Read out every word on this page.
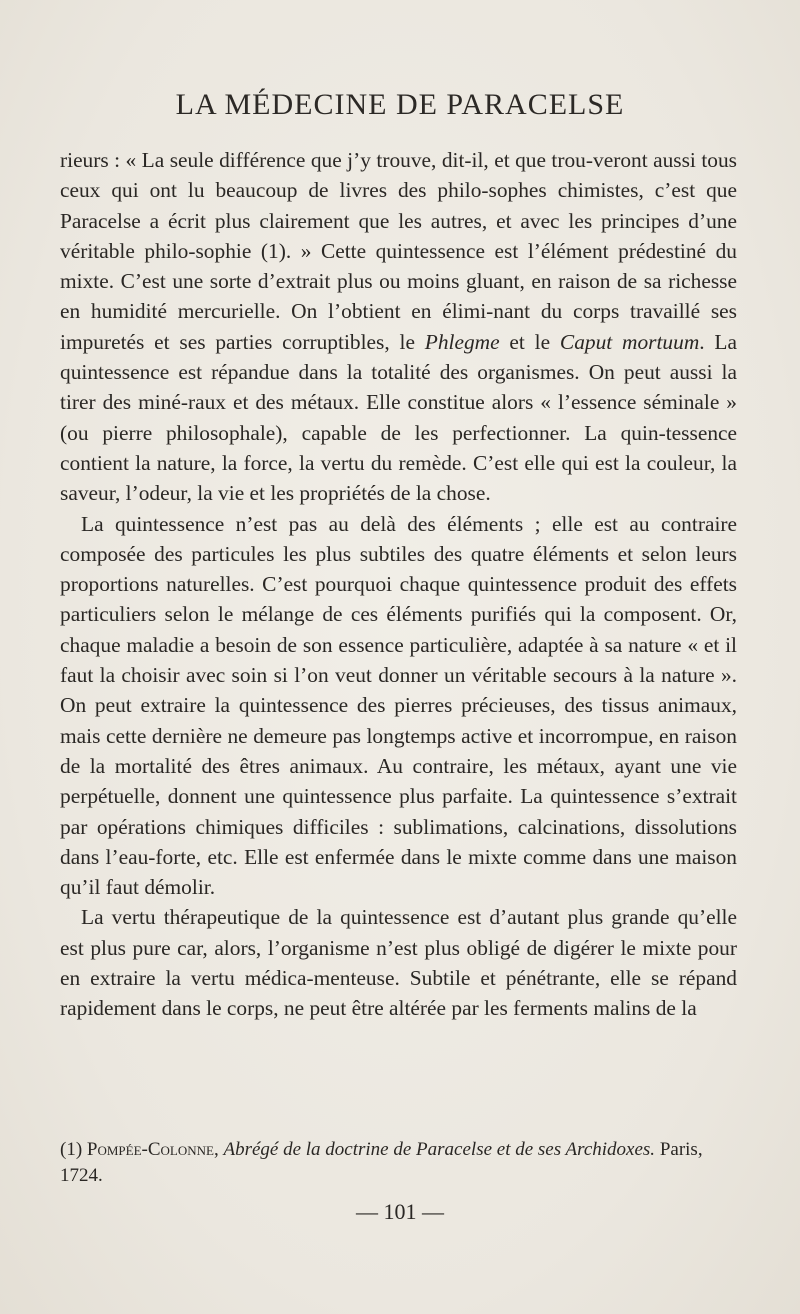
LA MÉDECINE DE PARACELSE

rieurs : « La seule différence que j’y trouve, dit-il, et que trou-veront aussi tous ceux qui ont lu beaucoup de livres des philo-sophes chimistes, c’est que Paracelse a écrit plus clairement que les autres, et avec les principes d’une véritable philo-sophie (1). » Cette quintessence est l’élément prédestiné du mixte. C’est une sorte d’extrait plus ou moins gluant, en raison de sa richesse en humidité mercurielle. On l’obtient en élimi-nant du corps travaillé ses impuretés et ses parties corruptibles, le Phlegme et le Caput mortuum. La quintessence est répandue dans la totalité des organismes. On peut aussi la tirer des miné-raux et des métaux. Elle constitue alors « l’essence séminale » (ou pierre philosophale), capable de les perfectionner. La quin-tessence contient la nature, la force, la vertu du remède. C’est elle qui est la couleur, la saveur, l’odeur, la vie et les propriétés de la chose.

La quintessence n’est pas au delà des éléments ; elle est au contraire composée des particules les plus subtiles des quatre éléments et selon leurs proportions naturelles. C’est pourquoi chaque quintessence produit des effets particuliers selon le mélange de ces éléments purifiés qui la composent. Or, chaque maladie a besoin de son essence particulière, adaptée à sa nature « et il faut la choisir avec soin si l’on veut donner un véritable secours à la nature ». On peut extraire la quintessence des pierres précieuses, des tissus animaux, mais cette dernière ne demeure pas longtemps active et incorrompue, en raison de la mortalité des êtres animaux. Au contraire, les métaux, ayant une vie perpétuelle, donnent une quintessence plus parfaite. La quintessence s’extrait par opérations chimiques difficiles : sublimations, calcinations, dissolutions dans l’eau-forte, etc. Elle est enfermée dans le mixte comme dans une maison qu’il faut démolir.

La vertu thérapeutique de la quintessence est d’autant plus grande qu’elle est plus pure car, alors, l’organisme n’est plus obligé de digérer le mixte pour en extraire la vertu médica-menteuse. Subtile et pénétrante, elle se répand rapidement dans le corps, ne peut être altérée par les ferments malins de la

(1) Pompée-Colonne, Abrégé de la doctrine de Paracelse et de ses Archidoxes. Paris, 1724.
— 101 —
